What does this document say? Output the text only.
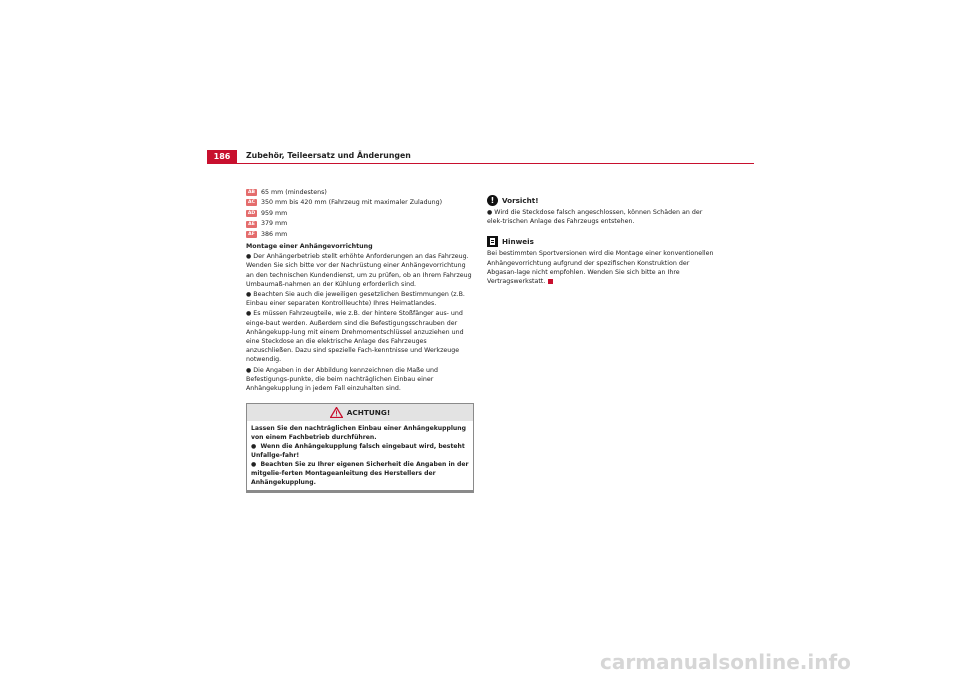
186	Zubehör, Teileersatz und Änderungen
AB 65 mm (mindestens)
AC 350 mm bis 420 mm (Fahrzeug mit maximaler Zuladung)
AD 959 mm
AE 379 mm
AF 386 mm
Montage einer Anhängevorrichtung

● Der Anhängerbetrieb stellt erhöhte Anforderungen an das Fahrzeug. Wenden Sie sich bitte vor der Nachrüstung einer Anhängevorrichtung an den technischen Kundendienst, um zu prüfen, ob an Ihrem Fahrzeug Umbaumaß-nahmen an der Kühlung erforderlich sind.

● Beachten Sie auch die jeweiligen gesetzlichen Bestimmungen (z.B. Einbau einer separaten Kontrollleuchte) Ihres Heimatlandes.

● Es müssen Fahrzeugteile, wie z.B. der hintere Stoßfänger aus- und einge-baut werden. Außerdem sind die Befestigungsschrauben der Anhängekupp-lung mit einem Drehmomentschlüssel anzuziehen und eine Steckdose an die elektrische Anlage des Fahrzeuges anzuschließen. Dazu sind spezielle Fach-kenntnisse und Werkzeuge notwendig.

● Die Angaben in der Abbildung kennzeichnen die Maße und Befestigungs-punkte, die beim nachträglichen Einbau einer Anhängekupplung in jedem Fall einzuhalten sind.

ACHTUNG!

Lassen Sie den nachträglichen Einbau einer Anhängekupplung von einem Fachbetrieb durchführen.

● Wenn die Anhängekupplung falsch eingebaut wird, besteht Unfallge-fahr!

● Beachten Sie zu Ihrer eigenen Sicherheit die Angaben in der mitgelie-ferten Montageanleitung des Herstellers der Anhängekupplung.

!	Vorsicht!

● Wird die Steckdose falsch angeschlossen, können Schäden an der elek-trischen Anlage des Fahrzeugs entstehen.

Hinweis

Bei bestimmten Sportversionen wird die Montage einer konventionellen Anhängevorrichtung aufgrund der spezifischen Konstruktion der Abgasan-lage nicht empfohlen. Wenden Sie sich bitte an Ihre Vertragswerkstatt.

carmanualsonline.info
